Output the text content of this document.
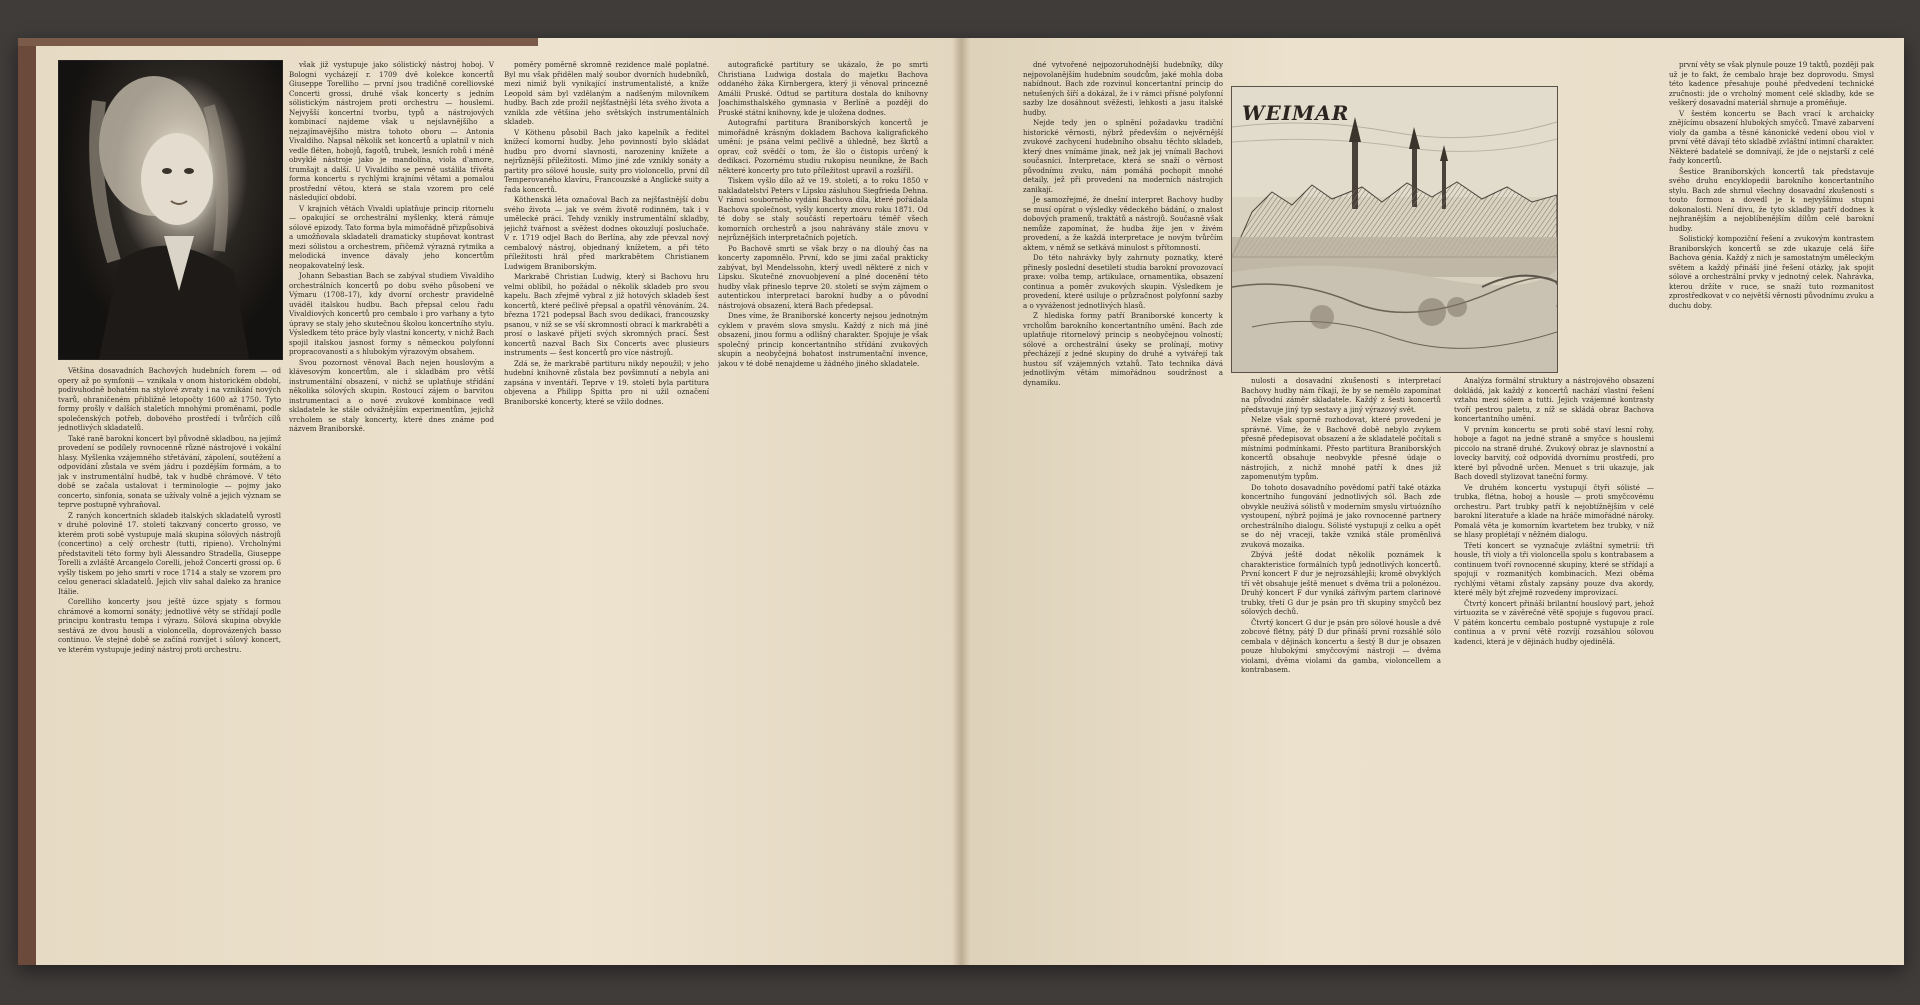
Většina dosavadních Bachových hudebních forem — od opery až po symfonii — vznikala v onom historickém období, podivuhodně bohatém na stylové zvraty i na vznikání nových tvarů, ohraničeném přibližně letopočty 1600 až 1750. Tyto formy prošly v dalších staletích mnohými proměnami, podle společenských potřeb, dobového prostředí i tvůrčích cílů jednotlivých skladatelů.

Také raně barokní koncert byl původně skladbou, na jejímž provedení se podílely rovnocenně různé nástrojové i vokální hlasy. Myšlenka vzájemného střetávání, zápolení, soutěžení a odpovídání zůstala ve svém jádru i pozdějším formám, a to jak v instrumentální hudbě, tak v hudbě chrámové. V této době se začala ustalovat i terminologie — pojmy jako concerto, sinfonia, sonata se užívaly volně a jejich význam se teprve postupně vyhraňoval.

Z raných koncertních skladeb italských skladatelů vyrostl v druhé polovině 17. století takzvaný concerto grosso, ve kterém proti sobě vystupuje malá skupina sólových nástrojů (concertino) a celý orchestr (tutti, ripieno). Vrcholnými představiteli této formy byli Alessandro Stradella, Giuseppe Torelli a zvláště Arcangelo Corelli, jehož Concerti grossi op. 6 vyšly tiskem po jeho smrti v roce 1714 a staly se vzorem pro celou generaci skladatelů. Jejich vliv sahal daleko za hranice Itálie.

Corelliho koncerty jsou ještě úzce spjaty s formou chrámové a komorní sonáty; jednotlivé věty se střídají podle principu kontrastu tempa i výrazu. Sólová skupina obvykle sestává ze dvou houslí a violoncella, doprovázených basso continuo. Ve stejné době se začíná rozvíjet i sólový koncert, ve kterém vystupuje jediný nástroj proti orchestru.

však již vystupuje jako sólistický nástroj hoboj. V Bologni vycházejí r. 1709 dvě kolekce koncertů Giuseppe Torelliho — první jsou tradičně corelliovské Concerti grossi, druhé však koncerty s jedním sólistickým nástrojem proti orchestru — houslemi. Nejvyšší koncertní tvorbu, typů a nástrojových kombinací najdeme však u nejslavnějšího a nejzajímavějšího mistra tohoto oboru — Antonia Vivaldiho. Napsal několik set koncertů a uplatnil v nich vedle fléten, hobojů, fagotů, trubek, lesních rohů i méně obvyklé nástroje jako je mandolína, viola d'amore, trumšajt a další. U Vivaldiho se pevně ustálila třívětá forma koncertu s rychlými krajními větami a pomalou prostřední větou, která se stala vzorem pro celé následující období.

V krajních větách Vivaldi uplatňuje princip ritornelu — opakující se orchestrální myšlenky, která rámuje sólové epizody. Tato forma byla mimořádně přizpůsobivá a umožňovala skladateli dramaticky stupňovat kontrast mezi sólistou a orchestrem, přičemž výrazná rytmika a melodická invence dávaly jeho koncertům neopakovatelný lesk.

Johann Sebastian Bach se zabýval studiem Vivaldiho orchestrálních koncertů po dobu svého působení ve Výmaru (1708–17), kdy dvorní orchestr pravidelně uváděl italskou hudbu. Bach přepsal celou řadu Vivaldiových koncertů pro cembalo i pro varhany a tyto úpravy se staly jeho skutečnou školou koncertního stylu. Výsledkem této práce byly vlastní koncerty, v nichž Bach spojil italskou jasnost formy s německou polyfonní propracovaností a s hlubokým výrazovým obsahem.

Svou pozornost věnoval Bach nejen houslovým a klávesovým koncertům, ale i skladbám pro větší instrumentální obsazení, v nichž se uplatňuje střídání několika sólových skupin. Rostoucí zájem o barvitou instrumentaci a o nové zvukové kombinace vedl skladatele ke stále odvážnějším experimentům, jejichž vrcholem se staly koncerty, které dnes známe pod názvem Braniborské.

poměry poměrně skromně rezidence malé poplatné. Byl mu však přidělen malý soubor dvorních hudebníků, mezi nimiž byli vynikající instrumentalisté, a kníže Leopold sám byl vzdělaným a nadšeným milovníkem hudby. Bach zde prožil nejšťastnější léta svého života a vznikla zde většina jeho světských instrumentálních skladeb.

V Köthenu působil Bach jako kapelník a ředitel knížecí komorní hudby. Jeho povinností bylo skládat hudbu pro dvorní slavnosti, narozeniny knížete a nejrůznější příležitosti. Mimo jiné zde vznikly sonáty a partity pro sólové housle, suity pro violoncello, první díl Temperovaného klavíru, Francouzské a Anglické suity a řada koncertů.

Köthenská léta označoval Bach za nejšťastnější dobu svého života — jak ve svém životě rodinném, tak i v umělecké práci. Tehdy vznikly instrumentální skladby, jejichž tvářnost a svěžest dodnes okouzlují posluchače. V r. 1719 odjel Bach do Berlína, aby zde převzal nový cembalový nástroj, objednaný knížetem, a při této příležitosti hrál před markrabětem Christianem Ludwigem Braniborským.

Markrabě Christian Ludwig, který si Bachovu hru velmi oblíbil, ho požádal o několik skladeb pro svou kapelu. Bach zřejmě vybral z již hotových skladeb šest koncertů, které pečlivě přepsal a opatřil věnováním. 24. března 1721 podepsal Bach svou dedikaci, francouzsky psanou, v níž se se vší skromností obrací k markraběti a prosí o laskavé přijetí svých skromných prací. Šest koncertů nazval Bach Six Concerts avec plusieurs instruments — šest koncertů pro více nástrojů.

Zdá se, že markrabě partituru nikdy nepoužil; v jeho hudební knihovně zůstala bez povšimnutí a nebyla ani zapsána v inventáři. Teprve v 19. století byla partitura objevena a Philipp Spitta pro ni užil označení Braniborské koncerty, které se vžilo dodnes.

autografické partitury se ukázalo, že po smrti Christiana Ludwiga dostala do majetku Bachova oddaného žáka Kirnbergera, který ji věnoval princezně Amálii Pruské. Odtud se partitura dostala do knihovny Joachimsthalského gymnasia v Berlíně a později do Pruské státní knihovny, kde je uložena dodnes.

Autografní partitura Braniborských koncertů je mimořádně krásným dokladem Bachova kaligrafického umění: je psána velmi pečlivě a úhledně, bez škrtů a oprav, což svědčí o tom, že šlo o čistopis určený k dedikaci. Pozornému studiu rukopisu neunikne, že Bach některé koncerty pro tuto příležitost upravil a rozšířil.

Tiskem vyšlo dílo až ve 19. století, a to roku 1850 v nakladatelství Peters v Lipsku zásluhou Siegfrieda Dehna. V rámci souborného vydání Bachova díla, které pořádala Bachova společnost, vyšly koncerty znovu roku 1871. Od té doby se staly součástí repertoáru téměř všech komorních orchestrů a jsou nahrávány stále znovu v nejrůznějších interpretačních pojetích.

Po Bachově smrti se však brzy o na dlouhý čas na koncerty zapomnělo. První, kdo se jimi začal prakticky zabývat, byl Mendelssohn, který uvedl některé z nich v Lipsku. Skutečné znovuobjevení a plné docenění této hudby však přineslo teprve 20. století se svým zájmem o autentickou interpretaci barokní hudby a o původní nástrojová obsazení, která Bach předepsal.

Dnes víme, že Braniborské koncerty nejsou jednotným cyklem v pravém slova smyslu. Každý z nich má jiné obsazení, jinou formu a odlišný charakter. Spojuje je však společný princip koncertantního střídání zvukových skupin a neobyčejná bohatost instrumentační invence, jakou v té době nenajdeme u žádného jiného skladatele.

dné vytvořené nejpozoruhodnější hudebníky, díky nejpovolanějším hudebním soudcům, jaké mohla doba nabídnout. Bach zde rozvinul koncertantní princip do netušených šíří a dokázal, že i v rámci přísné polyfonní sazby lze dosáhnout svěžesti, lehkosti a jasu italské hudby.

Nejde tedy jen o splnění požadavku tradiční historické věrnosti, nýbrž především o nejvěrnější zvukové zachycení hudebního obsahu těchto skladeb, který dnes vnímáme jinak, než jak jej vnímali Bachovi současníci. Interpretace, která se snaží o věrnost původnímu zvuku, nám pomáhá pochopit mnohé detaily, jež při provedení na moderních nástrojích zanikají.

Je samozřejmé, že dnešní interpret Bachovy hudby se musí opírat o výsledky vědeckého bádání, o znalost dobových pramenů, traktátů a nástrojů. Současně však nemůže zapomínat, že hudba žije jen v živém provedení, a že každá interpretace je novým tvůrčím aktem, v němž se setkává minulost s přítomností.

Do této nahrávky byly zahrnuty poznatky, které přinesly poslední desetiletí studia barokní provozovací praxe: volba temp, artikulace, ornamentika, obsazení continua a poměr zvukových skupin. Výsledkem je provedení, které usiluje o průzračnost polyfonní sazby a o vyváženost jednotlivých hlasů.

Z hlediska formy patří Braniborské koncerty k vrcholům barokního koncertantního umění. Bach zde uplatňuje ritornelový princip s neobyčejnou volností; sólové a orchestrální úseky se prolínají, motivy přecházejí z jedné skupiny do druhé a vytvářejí tak hustou síť vzájemných vztahů. Tato technika dává jednotlivým větám mimořádnou soudržnost a dynamiku.

WEIMAR

nulosti a dosavadní zkušeností s interpretací Bachovy hudby nám říkají, že by se nemělo zapomínat na původní záměr skladatele. Každý z šesti koncertů představuje jiný typ sestavy a jiný výrazový svět.

Nelze však sporně rozhodovat, které provedení je správné. Víme, že v Bachově době nebylo zvykem přesně předepisovat obsazení a že skladatelé počítali s místními podmínkami. Přesto partitura Braniborských koncertů obsahuje neobvykle přesné údaje o nástrojích, z nichž mnohé patří k dnes již zapomenutým typům.

Do tohoto dosavadního povědomí patří také otázka koncertního fungování jednotlivých sól. Bach zde obvykle neužívá sólistů v moderním smyslu virtuózního vystoupení, nýbrž pojímá je jako rovnocenné partnery orchestrálního dialogu. Sólisté vystupují z celku a opět se do něj vracejí, takže vzniká stále proměnlivá zvuková mozaika.

Zbývá ještě dodat několik poznámek k charakteristice formálních typů jednotlivých koncertů. První koncert F dur je nejrozsáhlejší; kromě obvyklých tří vět obsahuje ještě menuet s dvěma trii a polonézou. Druhý koncert F dur vyniká zářivým partem clarinové trubky, třetí G dur je psán pro tři skupiny smyčců bez sólových dechů.

Čtvrtý koncert G dur je psán pro sólové housle a dvě zobcové flétny, pátý D dur přináší první rozsáhlé sólo cembala v dějinách koncertu a šestý B dur je obsazen pouze hlubokými smyčcovými nástroji — dvěma violami, dvěma violami da gamba, violoncellem a kontrabasem.

Analýza formální struktury a nástrojového obsazení dokládá, jak každý z koncertů nachází vlastní řešení vztahu mezi sólem a tutti. Jejich vzájemné kontrasty tvoří pestrou paletu, z níž se skládá obraz Bachova koncertantního umění.

V prvním koncertu se proti sobě staví lesní rohy, hoboje a fagot na jedné straně a smyčce s houslemi piccolo na straně druhé. Zvukový obraz je slavnostní a lovecky barvitý, což odpovídá dvornímu prostředí, pro které byl původně určen. Menuet s trii ukazuje, jak Bach dovedl stylizovat taneční formy.

Ve druhém koncertu vystupují čtyři sólisté — trubka, flétna, hoboj a housle — proti smyčcovému orchestru. Part trubky patří k nejobtížnějším v celé barokní literatuře a klade na hráče mimořádné nároky. Pomalá věta je komorním kvartetem bez trubky, v níž se hlasy proplétají v něžném dialogu.

Třetí koncert se vyznačuje zvláštní symetrií: tři housle, tři violy a tři violoncella spolu s kontrabasem a continuem tvoří rovnocenné skupiny, které se střídají a spojují v rozmanitých kombinacích. Mezi oběma rychlými větami zůstaly zapsány pouze dva akordy, které měly být zřejmě rozvedeny improvizací.

Čtvrtý koncert přináší brilantní houslový part, jehož virtuozita se v závěrečné větě spojuje s fugovou prací. V pátém koncertu cembalo postupně vystupuje z role continua a v první větě rozvíjí rozsáhlou sólovou kadenci, která je v dějinách hudby ojedinělá.

první věty se však plynule pouze 19 taktů, později pak už je to fakt, že cembalo hraje bez doprovodu. Smysl této kadence přesahuje pouhé předvedení technické zručnosti: jde o vrcholný moment celé skladby, kde se veškerý dosavadní materiál shrnuje a proměňuje.

V šestém koncertu se Bach vrací k archaicky znějícímu obsazení hlubokých smyčců. Tmavé zabarvení violy da gamba a těsné kánonické vedení obou viol v první větě dávají této skladbě zvláštní intimní charakter. Některé badatelé se domnívají, že jde o nejstarší z celé řady koncertů.

Šestice Braniborských koncertů tak představuje svého druhu encyklopedii barokního koncertantního stylu. Bach zde shrnul všechny dosavadní zkušenosti s touto formou a dovedl je k nejvyššímu stupni dokonalosti. Není divu, že tyto skladby patří dodnes k nejhranějším a nejoblíbenějším dílům celé barokní hudby.

Solistický kompoziční řešení a zvukovým kontrastem Braniborských koncertů se zde ukazuje celá šíře Bachova génia. Každý z nich je samostatným uměleckým světem a každý přináší jiné řešení otázky, jak spojit sólové a orchestrální prvky v jednotný celek. Nahrávka, kterou držíte v ruce, se snaží tuto rozmanitost zprostředkovat v co největší věrnosti původnímu zvuku a duchu doby.
